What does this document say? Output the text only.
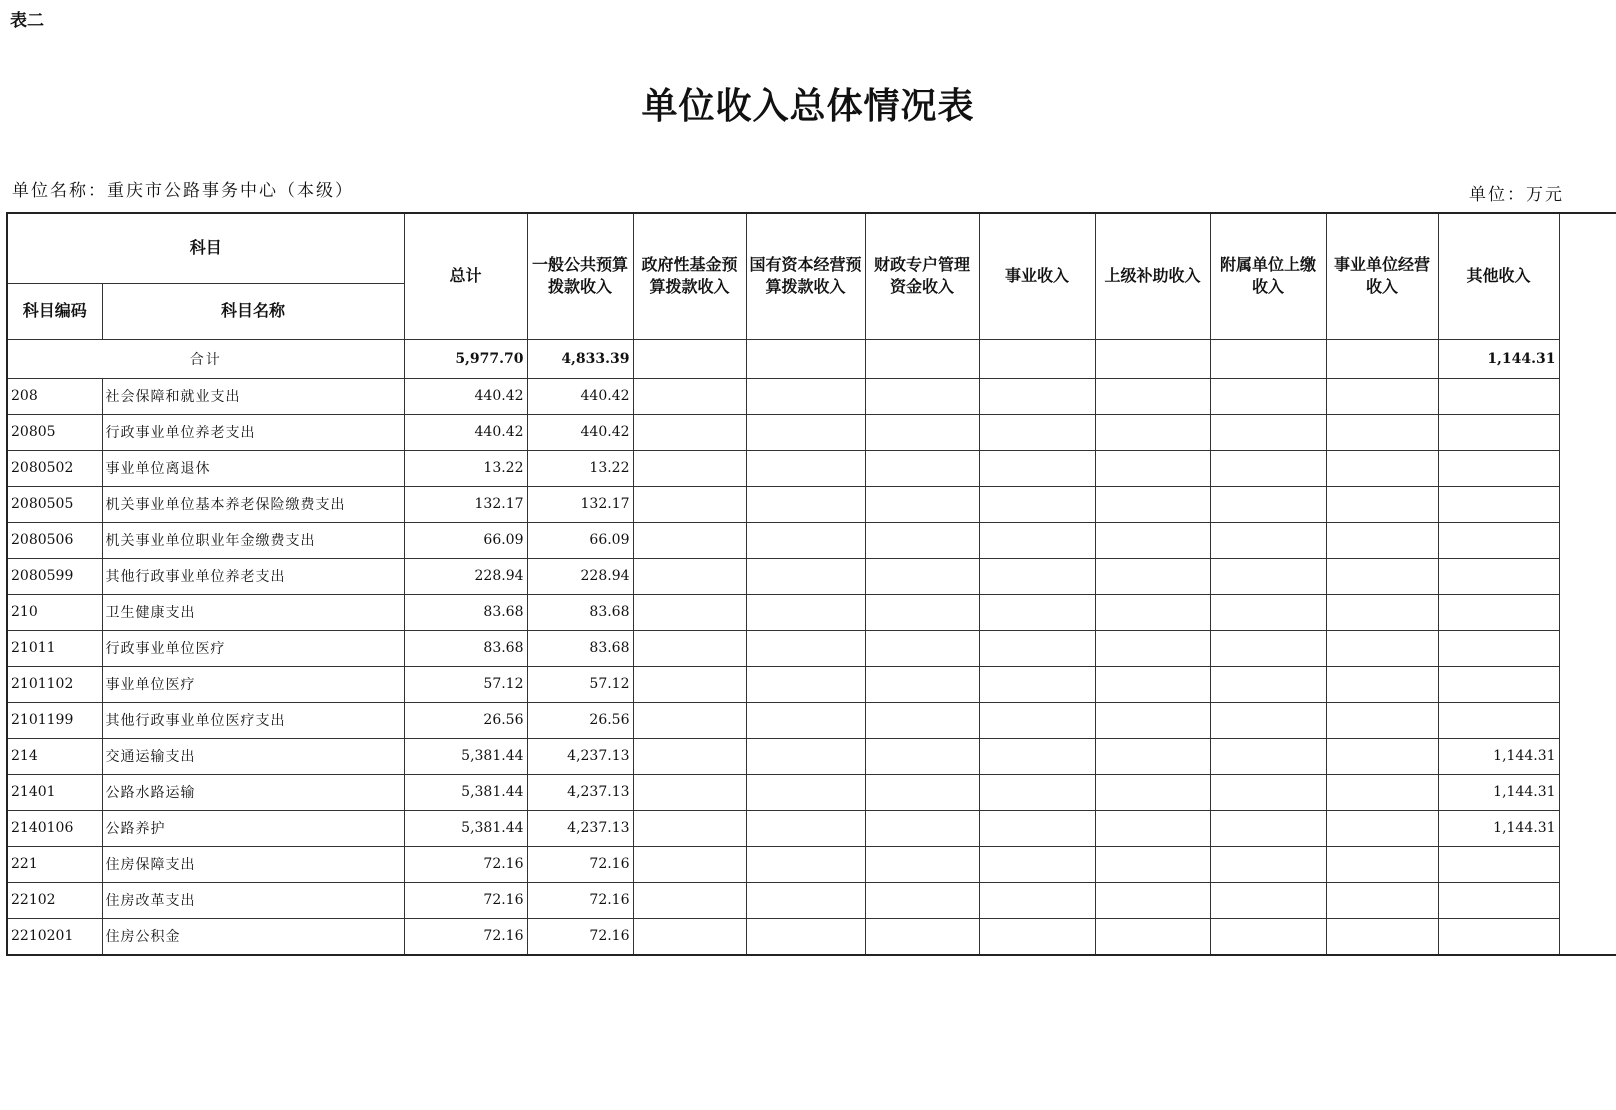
表二
单位收入总体情况表
单位名称：重庆市公路事务中心（本级）	单位：万元
科目		总计	一般公共预算拨款收入	政府性基金预算拨款收入	国有资本经营预算拨款收入	财政专户管理资金收入	事业收入	上级补助收入	附属单位上缴收入	事业单位经营收入	其他收入
科目编码	科目名称										
合计		5,977.70	4,833.39								1,144.31
208	社会保障和就业支出	440.42	440.42								
20805	行政事业单位养老支出	440.42	440.42								
2080502	事业单位离退休	13.22	13.22								
2080505	机关事业单位基本养老保险缴费支出	132.17	132.17								
2080506	机关事业单位职业年金缴费支出	66.09	66.09								
2080599	其他行政事业单位养老支出	228.94	228.94								
210	卫生健康支出	83.68	83.68								
21011	行政事业单位医疗	83.68	83.68								
2101102	事业单位医疗	57.12	57.12								
2101199	其他行政事业单位医疗支出	26.56	26.56								
214	交通运输支出	5,381.44	4,237.13								1,144.31
21401	公路水路运输	5,381.44	4,237.13								1,144.31
2140106	公路养护	5,381.44	4,237.13								1,144.31
221	住房保障支出	72.16	72.16								
22102	住房改革支出	72.16	72.16								
2210201	住房公积金	72.16	72.16								
